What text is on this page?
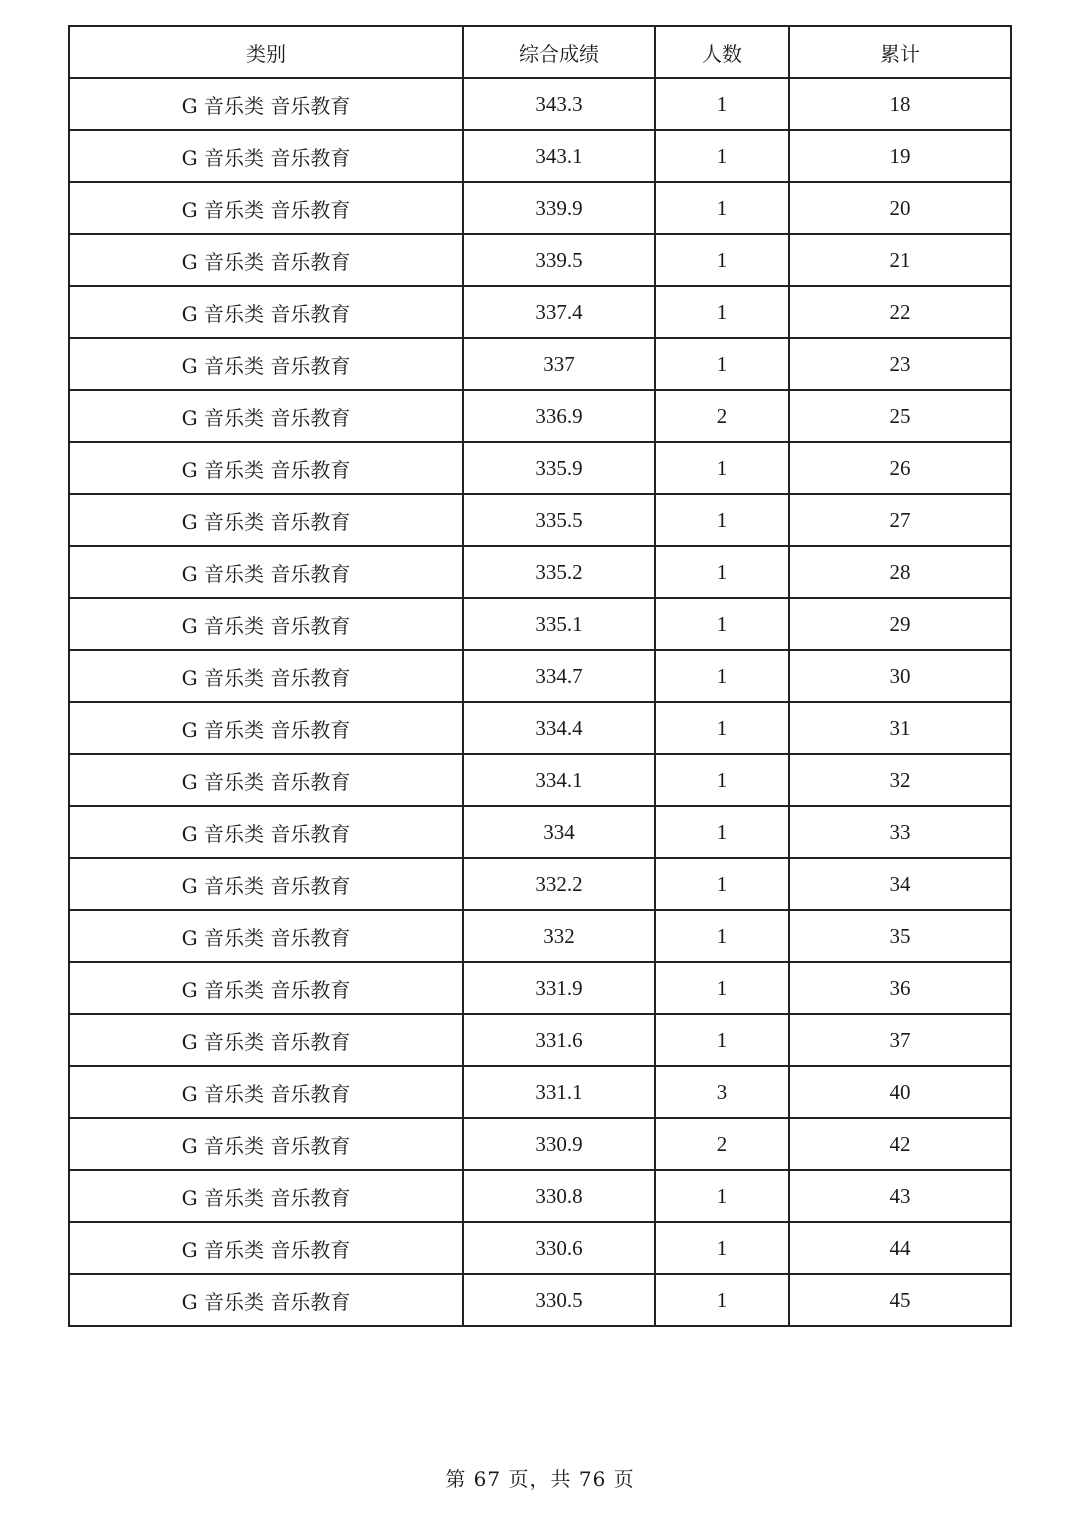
类别	综合成绩	人数	累计
G 音乐类 音乐教育	343.3	1	18
G 音乐类 音乐教育	343.1	1	19
G 音乐类 音乐教育	339.9	1	20
G 音乐类 音乐教育	339.5	1	21
G 音乐类 音乐教育	337.4	1	22
G 音乐类 音乐教育	337	1	23
G 音乐类 音乐教育	336.9	2	25
G 音乐类 音乐教育	335.9	1	26
G 音乐类 音乐教育	335.5	1	27
G 音乐类 音乐教育	335.2	1	28
G 音乐类 音乐教育	335.1	1	29
G 音乐类 音乐教育	334.7	1	30
G 音乐类 音乐教育	334.4	1	31
G 音乐类 音乐教育	334.1	1	32
G 音乐类 音乐教育	334	1	33
G 音乐类 音乐教育	332.2	1	34
G 音乐类 音乐教育	332	1	35
G 音乐类 音乐教育	331.9	1	36
G 音乐类 音乐教育	331.6	1	37
G 音乐类 音乐教育	331.1	3	40
G 音乐类 音乐教育	330.9	2	42
G 音乐类 音乐教育	330.8	1	43
G 音乐类 音乐教育	330.6	1	44
G 音乐类 音乐教育	330.5	1	45
第 67 页，共 76 页
